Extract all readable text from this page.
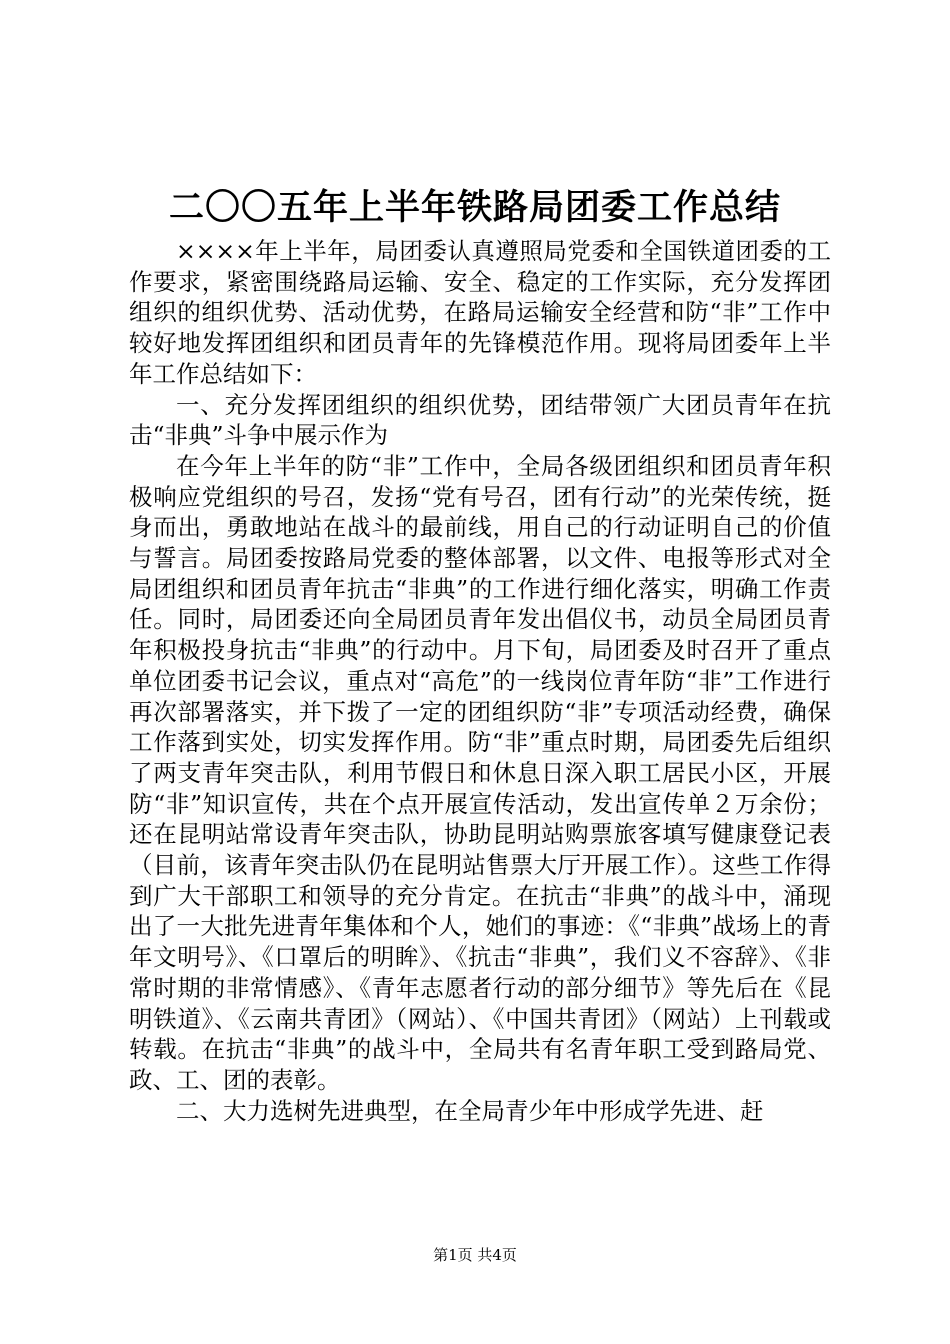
二〇〇五年上半年铁路局团委工作总结

××××年上半年，局团委认真遵照局党委和全国铁道团委的工作要求，紧密围绕路局运输、安全、稳定的工作实际，充分发挥团组织的组织优势、活动优势，在路局运输安全经营和防“非”工作中较好地发挥团组织和团员青年的先锋模范作用。现将局团委年上半年工作总结如下：

一、充分发挥团组织的组织优势，团结带领广大团员青年在抗击“非典”斗争中展示作为

在今年上半年的防“非”工作中，全局各级团组织和团员青年积极响应党组织的号召，发扬“党有号召，团有行动”的光荣传统，挺身而出，勇敢地站在战斗的最前线，用自己的行动证明自己的价值与誓言。局团委按路局党委的整体部署，以文件、电报等形式对全局团组织和团员青年抗击“非典”的工作进行细化落实，明确工作责任。同时，局团委还向全局团员青年发出倡仪书，动员全局团员青年积极投身抗击“非典”的行动中。月下旬，局团委及时召开了重点单位团委书记会议，重点对“高危”的一线岗位青年防“非”工作进行再次部署落实，并下拨了一定的团组织防“非”专项活动经费，确保工作落到实处，切实发挥作用。防“非”重点时期，局团委先后组织了两支青年突击队，利用节假日和休息日深入职工居民小区，开展防“非”知识宣传，共在个点开展宣传活动，发出宣传单２万余份；还在昆明站常设青年突击队，协助昆明站购票旅客填写健康登记表（目前，该青年突击队仍在昆明站售票大厅开展工作）。这些工作得到广大干部职工和领导的充分肯定。在抗击“非典”的战斗中，涌现出了一大批先进青年集体和个人，她们的事迹：《“非典”战场上的青年文明号》、《口罩后的明眸》、《抗击“非典”，我们义不容辞》、《非常时期的非常情感》、《青年志愿者行动的部分细节》等先后在《昆明铁道》、《云南共青团》（网站）、《中国共青团》（网站）上刊载或转载。在抗击“非典”的战斗中，全局共有名青年职工受到路局党、政、工、团的表彰。

二、大力选树先进典型，在全局青少年中形成学先进、赶

第1页 共4页
